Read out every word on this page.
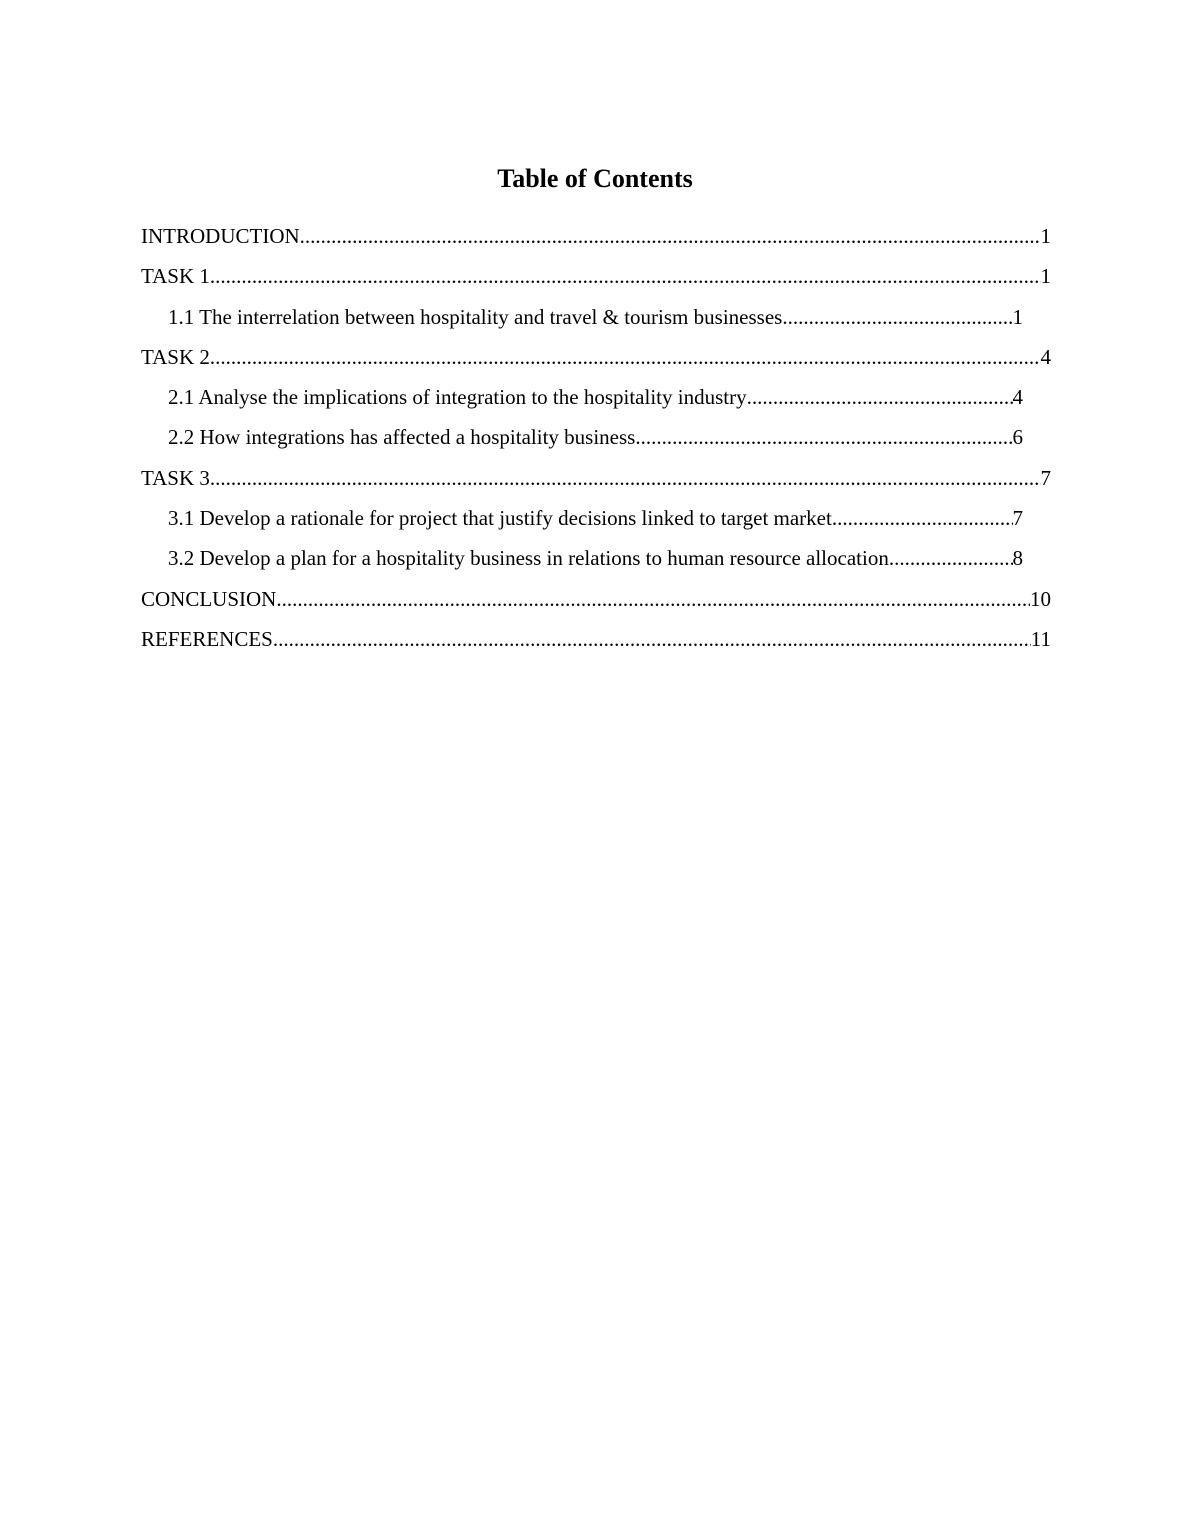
Table of Contents
INTRODUCTION .....	1
TASK 1 .....	1
1.1 The interrelation between hospitality and travel & tourism businesses .....	1
TASK 2 .....	4
2.1 Analyse the implications of integration to the hospitality industry .....	4
2.2 How integrations has affected a hospitality business .....	6
TASK 3 .....	7
3.1 Develop a rationale for project that justify decisions linked to target market .....	7
3.2 Develop a plan for a hospitality business in relations to human resource allocation .....	8
CONCLUSION .....	10
REFERENCES .....	11
